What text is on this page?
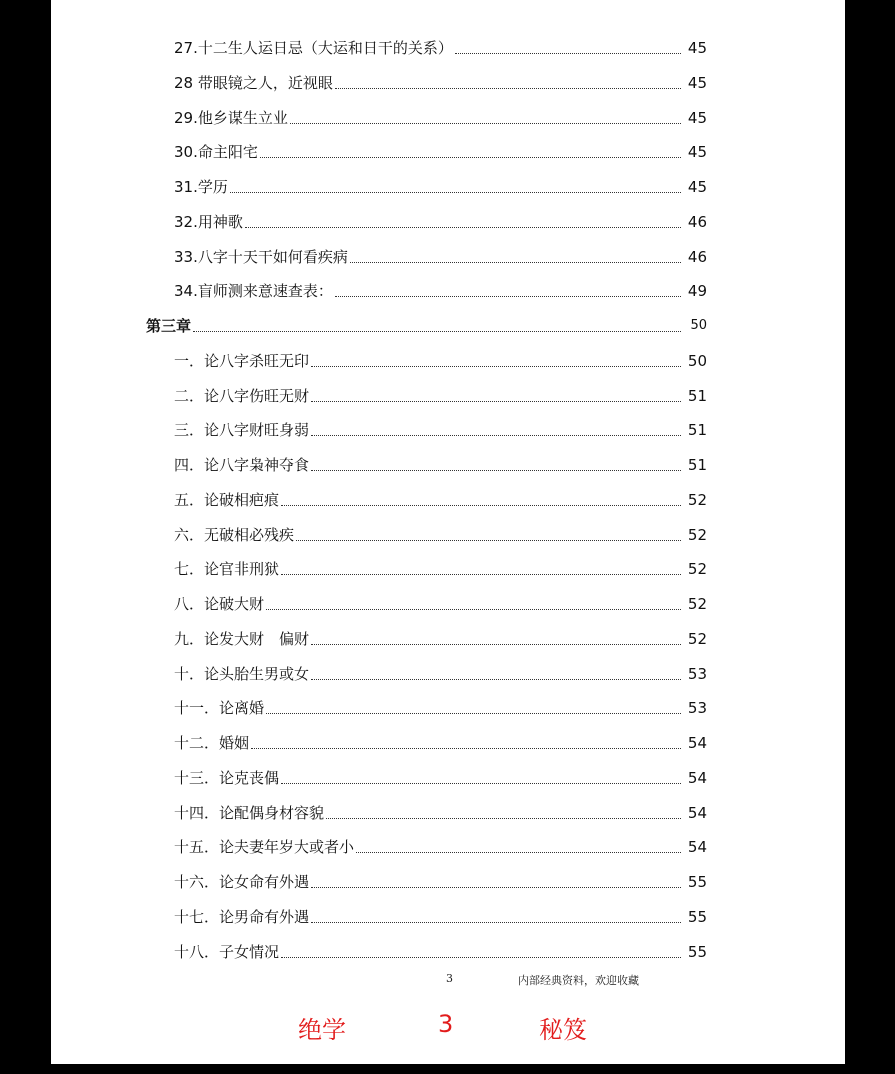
27.十二生人运日忌（大运和日干的关系）	45
28 带眼镜之人，近视眼	45
29.他乡谋生立业	45
30.命主阳宅	45
31.学历	45
32.用神歌	46
33.八字十天干如何看疾病	46
34.盲师测来意速查表：	49
第三章	50
一．论八字杀旺无印	50
二．论八字伤旺无财	51
三．论八字财旺身弱	51
四．论八字枭神夺食	51
五．论破相疤痕	52
六．无破相必残疾	52
七．论官非刑狱	52
八．论破大财	52
九．论发大财　偏财	52
十．论头胎生男或女	53
十一．论离婚	53
十二．婚姻	54
十三．论克丧偶	54
十四．论配偶身材容貌	54
十五．论夫妻年岁大或者小	54
十六．论女命有外遇	55
十七．论男命有外遇	55
十八．子女情况	55
3	内部经典资料，欢迎收藏
绝学	3	秘笈
